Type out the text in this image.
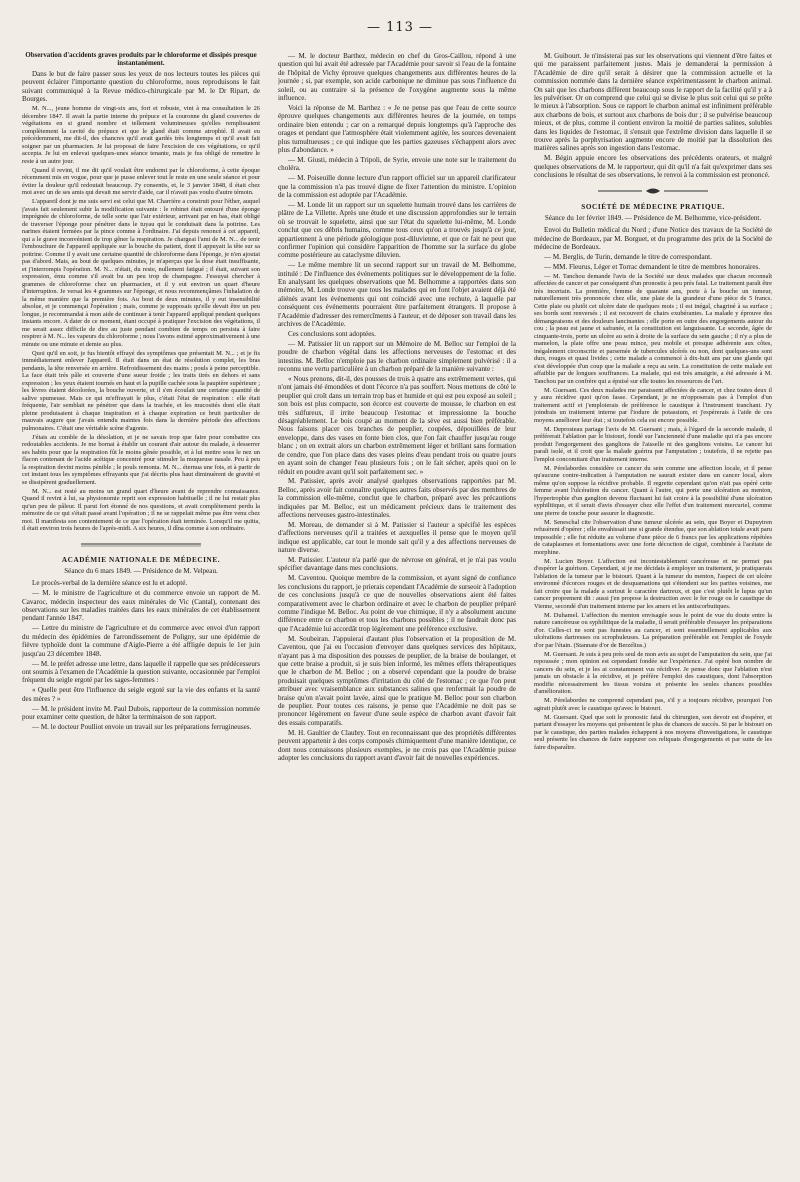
— 113 —

Observation d'accidents graves produits par le chloroforme et dissipés presque instantanément.

Dans le but de faire passer sous les yeux de nos lecteurs toutes les pièces qui peuvent éclairer l'importante question du chloroforme, nous reproduisons le fait suivant communiqué à la Revue médico-chirurgicale par M. le Dr Ripart, de Bourges.

M. N..., jeune homme de vingt-six ans, fort et robuste, vint à ma consultation le 26 décembre 1847. Il avait la partie interne du prépuce et la couronne du gland couvertes de végétations en si grand nombre et tellement volumineuses qu'elles remplissaient complètement la cavité du prépuce et que le gland était comme atrophié. Il avait eu précédemment, me dit-il, des chancres qu'il avait gardés très longtemps et qu'il avait fait soigner par un pharmacien. Je lui proposai de faire l'excision de ces végétations, ce qu'il accepta. Je lui en enlevai quelques-unes séance tenante, mais je fus obligé de remettre le reste à un autre jour.

Quand il revint, il me dit qu'il voulait être endormi par le chloroforme, à cette époque récemment mis en vogue, pour que je pusse enlever tout le reste en une seule séance et pour éviter la douleur qu'il redoutait beaucoup. J'y consentis, et, le 3 janvier 1848, il était chez moi avec un de ses amis qui devait me servir d'aide, car il n'avait pas voulu d'autre témoin.

L'appareil dont je me suis servi est celui que M. Charrière a construit pour l'éther, auquel j'avais fait seulement subir la modification suivante : le robinet était entouré d'une éponge imprégnée de chloroforme, de telle sorte que l'air extérieur, arrivant par en bas, était obligé de traverser l'éponge pour pénétrer dans le tuyau qui le conduisait dans la poitrine. Les narines étaient fermées par la pince comme à l'ordinaire. J'ai depuis renoncé à cet appareil, qui a le grave inconvénient de trop gêner la respiration. Je chargeai l'ami de M. N... de tenir l'embouchure de l'appareil appliquée sur la bouche du patient, dont il appuyait la tête sur sa poitrine. Comme il y avait une certaine quantité de chloroforme dans l'éponge, je n'en ajoutai pas d'abord. Mais, au bout de quelques minutes, je m'aperçus que la dose était insuffisante, et j'interrompis l'opération. M. N... n'était, du reste, nullement fatigué ; il était, suivant son expression, ému comme s'il avait bu un peu trop de champagne. J'essuyai chercher à grammes de chloroforme chez un pharmacien, et il y eut environ un quart d'heure d'interruption. Je versai les 4 grammes sur l'éponge, et nous recommençâmes l'inhalation de la même manière que la première fois. Au bout de deux minutes, il y eut insensibilité absolue, et je commençai l'opération ; mais, comme je supposais qu'elle devait être un peu longue, je recommandai à mon aide de continuer à tenir l'appareil appliqué pendant quelques instants encore. A dater de ce moment, étant occupé à pratiquer l'excision des végétations, il me serait assez difficile de dire au juste pendant combien de temps on persista à faire respirer à M. N... les vapeurs du chloroforme ; nous l'avons estimé approximativement à une minute ou une minute et demie au plus.

Quoi qu'il en soit, je fus bientôt effrayé des symptômes que présentait M. N... ; et je fis immédiatement enlever l'appareil. Il était dans un état de résolution complet, les bras pendants, la tête renversée en arrière. Refroidissement des mains ; pouls à peine perceptible. La face était très pâle et couverte d'une sueur froide ; les traits tirés en dehors et sans expression ; les yeux étaient tournés en haut et la pupille cachée sous la paupière supérieure ; les lèvres étaient décolorées, la bouche ouverte, et il s'en écoulait une certaine quantité de salive spumeuse. Mais ce qui m'effrayait le plus, c'était l'état de respiration : elle était fréquente, l'air semblait ne pénétrer que dans la trachée, et les mucosités dont elle était pleine produisaient à chaque inspiration et à chaque expiration ce bruit particulier de mauvais augure que j'avais entendu maintes fois dans la dernière période des affections pulmonaires. C'était une véritable scène d'agonie.

J'étais au comble de la désolation, et je ne savais trop que faire pour combattre ces redoutables accidents. Je me bornai à établir un courant d'air autour du malade, à desserrer ses habits pour que la respiration fût le moins gênée possible, et à lui mettre sous le nez un flacon contenant de l'acide acétique concentré pour stimuler la muqueuse nasale. Peu à peu la respiration devint moins pénible ; le pouls remonta. M. N... éternua une fois, et à partir de cet instant tous les symptômes effrayants que j'ai décrits plus haut diminuèrent de gravité et se dissipèrent graduellement.

M. N... est resté au moins un grand quart d'heure avant de reprendre connaissance. Quand il revint à lui, sa physionomie reprit son expression habituelle ; il ne lui restait plus qu'un peu de pâleur. Il parut fort étonné de nos questions, et avait complètement perdu la mémoire de ce qui s'était passé avant l'opération ; il ne se rappelait même pas être venu chez moi. Il manifesta son contentement de ce que l'opération était terminée. Lorsqu'il me quitta, il était environ trois heures de l'après-midi. A six heures, il dîna comme à son ordinaire.

ACADÉMIE NATIONALE DE MÉDECINE.

Séance du 6 mars 1849. — Présidence de M. Velpeau.

Le procès-verbal de la dernière séance est lu et adopté.

— M. le ministre de l'agriculture et du commerce envoie un rapport de M. Cavaroc, médecin inspecteur des eaux minérales de Vic (Cantal), contenant des observations sur les maladies traitées dans les eaux minérales de cet établissement pendant l'année 1847.

— Lettre du ministre de l'agriculture et du commerce avec envoi d'un rapport du médecin des épidémies de l'arrondissement de Poligny, sur une épidémie de fièvre typhoïde dont la commune d'Aigle-Pierre a été affligée depuis le 1er juin jusqu'au 23 décembre 1848.

— M. le préfet adresse une lettre, dans laquelle il rappelle que ses prédécesseurs ont soumis à l'examen de l'Académie la question suivante, occasionnée par l'emploi fréquent du seigle ergoté par les sages-femmes :

« Quelle peut être l'influence du seigle ergoté sur la vie des enfants et la santé des mères ? »

— M. le président invite M. Paul Dubois, rapporteur de la commission nommée pour examiner cette question, de hâter la terminaison de son rapport.

— M. le docteur Poulliot envoie un travail sur les préparations ferrugineuses.

— M. le docteur Barthez, médecin en chef du Gros-Caillou, répond à une question qui lui avait été adressée par l'Académie pour savoir si l'eau de la fontaine de l'hôpital de Vichy éprouve quelques changements aux différentes heures de la journée ; si, par exemple, son acide carbonique ne diminue pas sous l'influence du soleil, ou au contraire si la présence de l'oxygène augmente sous la même influence.

Voici la réponse de M. Barthez : « Je ne pense pas que l'eau de cette source éprouve quelques changements aux différentes heures de la journée, en temps ordinaire bien entendu ; car on a remarqué depuis longtemps qu'à l'approche des orages et pendant que l'atmosphère était violemment agitée, les sources devenaient plus tumultueuses ; ce qui indique que les parties gazeuses s'échappent alors avec plus d'abondance. »

— M. Giusti, médecin à Tripoli, de Syrie, envoie une note sur le traitement du choléra.

— M. Poiseuille donne lecture d'un rapport officiel sur un appareil clarificateur que la commission n'a pas trouvé digne de fixer l'attention du ministre. L'opinion de la commission est adoptée par l'Académie.

— M. Londe lit un rapport sur un squelette humain trouvé dans les carrières de plâtre de La Villette. Après une étude et une discussion approfondies sur le terrain où se trouvait le squelette, ainsi que sur l'état du squelette lui-même, M. Londe conclut que ces débris humains, comme tous ceux qu'on a trouvés jusqu'à ce jour, appartiennent à une période géologique post-diluvienne, et que ce fait ne peut que confirmer l'opinion qui considère l'apparition de l'homme sur la surface du globe comme postérieure au cataclysme diluvien.

— Le même membre lit un second rapport sur un travail de M. Belhomme, intitulé : De l'influence des événements politiques sur le développement de la folie. En analysant les quelques observations que M. Belhomme a rapportées dans son mémoire, M. Londe trouve que tous les malades qui en font l'objet avaient déjà été aliénés avant les événements qui ont coïncidé avec une rechute, à laquelle par conséquent ces événements pourraient être parfaitement étrangers. Il propose à l'Académie d'adresser des remercîments à l'auteur, et de déposer son travail dans les archives de l'Académie.

Ces conclusions sont adoptées.

— M. Patissier lit un rapport sur un Mémoire de M. Belloc sur l'emploi de la poudre de charbon végétal dans les affections nerveuses de l'estomac et des intestins. M. Belloc n'emploie pas le charbon ordinaire simplement pulvérisé : il a reconnu une vertu particulière à un charbon préparé de la manière suivante :

« Nous prenons, dit-il, des pousses de trois à quatre ans extrêmement vertes, qui n'ont jamais été émondées et dont l'écorce n'a pas souffert. Nous mettons de côté le peuplier qui croît dans un terrain trop bas et humide et qui est peu exposé au soleil ; son bois est plus compacte, son écorce est couverte de mousse, le charbon en est très sulfureux, il irrite beaucoup l'estomac et impressionne la bouche désagréablement. Le bois coupé au moment de la sève est aussi bien préférable. Nous faisons placer ces branches de peuplier, coupées, dépouillées de leur enveloppe, dans des vases en fonte bien clos, que l'on fait chauffer jusqu'au rouge blanc ; on en extrait alors un charbon extrêmement léger et brillant sans formation de cendre, que l'on place dans des vases pleins d'eau pendant trois ou quatre jours en ayant soin de changer l'eau plusieurs fois ; on le fait sécher, après quoi on le réduit en poudre avant qu'il soit parfaitement sec. »

M. Patissier, après avoir analysé quelques observations rapportées par M. Belloc, après avoir fait connaître quelques autres faits observés par des membres de la commission elle-même, conclut que le charbon, préparé avec les précautions indiquées par M. Belloc, est un médicament précieux dans le traitement des affections nerveuses gastro-intestinales.

M. Moreau, de demander si à M. Patissier si l'auteur a spécifié les espèces d'affections nerveuses qu'il a traitées et auxquelles il pense que le moyen qu'il indique est applicable, car tout le monde sait qu'il y a des affections nerveuses de nature diverse.

M. Patissier. L'auteur n'a parlé que de névrose en général, et je n'ai pas voulu spécifier davantage dans mes conclusions.

M. Caventou. Quoique membre de la commission, et ayant signé de confiance les conclusions du rapport, je prierais cependant l'Académie de surseoir à l'adoption de ces conclusions jusqu'à ce que de nouvelles observations aient été faites comparativement avec le charbon ordinaire et avec le charbon de peuplier préparé comme l'indique M. Belloc. Au point de vue chimique, il n'y a absolument aucune différence entre ce charbon et tous les charbons possibles ; il ne faudrait donc pas que l'Académie lui accordât trop légèrement une préférence exclusive.

M. Soubeiran. J'appuierai d'autant plus l'observation et la proposition de M. Caventou, que j'ai eu l'occasion d'envoyer dans quelques services des hôpitaux, n'ayant pas à ma disposition des pousses de peuplier, de la braise de boulanger, et que cette braise a produit, si je suis bien informé, les mêmes effets thérapeutiques que le charbon de M. Belloc ; on a observé cependant que la poudre de braise produisait quelques symptômes d'irritation du côté de l'estomac ; ce que l'on peut attribuer avec vraisemblance aux substances salines que renfermait la poudre de braise qu'on n'avait point lavée, ainsi que le pratique M. Belloc pour son charbon de peuplier. Pour toutes ces raisons, je pense que l'Académie ne doit pas se prononcer légèrement en faveur d'une seule espèce de charbon avant d'avoir fait des essais comparatifs.

M. H. Gaultier de Claubry. Tout en reconnaissant que des propriétés différentes peuvent appartenir à des corps composés chimiquement d'une manière identique, ce dont nous connaissons plusieurs exemples, je ne crois pas que l'Académie puisse adopter les conclusions du rapport avant d'avoir fait de nouvelles expériences.

M. Guibourt. Je n'insisterai pas sur les observations qui viennent d'être faites et qui me paraissent parfaitement justes. Mais je demanderai la permission à l'Académie de dire qu'il serait à désirer que la commission actuelle et la commission nommée dans la dernière séance expérimentassent le charbon animal. On sait que les charbons diffèrent beaucoup sous le rapport de la facilité qu'il y a à les pulvériser. Or on comprend que celui qui se divise le plus soit celui qui se prête le mieux à l'absorption. Sous ce rapport le charbon animal est infiniment préférable aux charbons de bois, et surtout aux charbons de bois dur ; il se pulvérise beaucoup mieux, et de plus, comme il contient environ la moitié de parties salines, solubles dans les liquides de l'estomac, il s'ensuit que l'extrême division dans laquelle il se trouve après la porphyrisation augmente encore de moitié par la dissolution des matières salines après son ingestion dans l'estomac.

M. Bégin appuie encore les observations des précédents orateurs, et malgré quelques observations de M. le rapporteur, qui dit qu'il n'a fait qu'exprimer dans ses conclusions le résultat de ses observations, le renvoi à la commission est prononcé.

SOCIÉTÉ DE MÉDECINE PRATIQUE.

Séance du 1er février 1849. — Présidence de M. Belhomme, vice-président.

Envoi du Bulletin médical du Nord ; d'une Notice des travaux de la Société de médecine de Bordeaux, par M. Borguet, et du programme des prix de la Société de médecine de Bordeaux.

— M. Berglis, de Turin, demande le titre de correspondant.

— MM. Fleurus, Léger et Torrac demandent le titre de membres honoraires.

— M. Tanchou demande l'avis de la Société sur deux malades que chacun reconnaît affectées de cancer et par conséquent d'un pronostic à peu près fatal. Le traitement paraît être très incertain. La première, femme de quarante ans, porte à la bouche un tumeur, naturellement très prononcée chez elle, une plaie de la grandeur d'une pièce de 5 francs. Cette plaie ou plutôt cet ulcère date de quelques mois ; il est inégal, chagriné à sa surface ; ses bords sont renversés ; il est recouvert de chairs exubérantes. La malade y éprouve des démangeaisons et des douleurs lancinantes ; elle porte en outre des engorgements autour du cou ; la peau est jaune et safranée, et la constitution est languissante. Le seconde, âgée de cinquante-trois, porte un ulcère au sein à droite de la surface du sein gauche ; il n'y a plus de mamelon, la plaie offre une peau mince, peu mobile et presque adhérente aux côtes, inégalement circonscrite et parsemée de tubercules ulcérés ou non, dont quelques-uns sont durs, rouges et quasi livides ; cette malade a commencé à dix-huit ans par une glande qui s'est développée d'un coup que la malade a reçu au sein. La constitution de cette malade est affaiblie par de longues souffrances. La malade, qui est très amaigrie, a été adressée à M. Tanchou par un confrère qui a épuisé sur elle toutes les ressources de l'art.

M. Guersant. Ces deux malades me paraissent affectées de cancer, et chez toutes deux il y aura récidive quoi qu'on fasse. Cependant, je ne m'opposerais pas à l'emploi d'un traitement actif et j'emploierais de préférence le caustique à l'instrument tranchant. J'y joindrais un traitement interne par l'iodure de potassium, et j'espérerais à l'aide de ces moyens améliorer leur état ; si toutefois cela est encore possible.

M. Deprosteau partage l'avis de M. Guersant ; mais, à l'égard de la seconde malade, il préférerait l'ablation par le bistouri, fondé sur l'ancienneté d'une maladie qui n'a pas encore produit l'engorgement des ganglions de l'aisselle ni des ganglions voisins. Le cancer lui paraît isolé, et il croit que la malade guérira par l'amputation ; toutefois, il ne rejette pas l'emploi concomitant d'un traitement interne.

M. Pérelabordes considère ce cancer du sein comme une affection locale, et il pense qu'aucune contre-indication à l'amputation ne saurait exister dans un cancer local, alors même qu'on suppose la récidive probable. Il regrette cependant qu'on n'ait pas opéré cette femme avant l'ulcération du cancer. Quant à l'autre, qui porte une ulcération au menton, l'hypertrophie d'un ganglion devenu fluctuant lui fait croire à la possibilité d'une ulcération syphilitique, et il serait d'avis d'essayer chez elle l'effet d'un traitement mercuriel, comme une pierre de touche pour assurer le diagnostic.

M. Seneschal cite l'observation d'une tumeur ulcérée au sein, que Boyer et Dupuytren refusèrent d'opérer ; elle envahissait une si grande étendue, que son ablation totale avait paru impossible ; elle fut réduite au volume d'une pièce de 6 francs par les applications répétées de cataplasmes et fomentations avec une forte décoction de ciguë, combinée à l'acétate de morphine.

M. Lucien Boyer. L'affection est incontestablement cancéreuse et ne permet pas d'espérer la guérison. Cependant, si je me décidais à employer un traitement, je pratiquerais l'ablation de la tumeur par le bistouri. Quant à la tumeur du menton, l'aspect de cet ulcère environné d'écorces rouges et de desquamations qui s'étendent sur les parties voisines, me fait croire que la malade a surtout le caractère dartreux, et que c'est plutôt le lupus qu'un cancer proprement dit : aussi j'en propose la destruction avec le fer rouge ou le caustique de Vienne, secondé d'un traitement interne par les amers et les antiscorbutiques.

M. Duhamel. L'affection du menton envisagée sous le point de vue du doute entre la nature cancéreuse ou syphilitique de la maladie, il serait préférable d'essayer les préparations d'or. Celles-ci ne sont pas funestes au cancer, et sont essentiellement applicables aux ulcérations dartreuses ou scrophuleuses. La préparation préférable est l'emploi de l'oxyde d'or par l'étain. (Stannate d'or de Berzélius.)

M. Guersant. Je suis à peu près seul de mon avis au sujet de l'amputation du sein, que j'ai repoussée ; mon opinion est cependant fondée sur l'expérience. J'ai opéré bon nombre de cancers du sein, et je les ai constamment vus récidiver. Je pense donc que l'ablation n'est jamais un obstacle à la récidive, et je préfère l'emploi des caustiques, dont l'absorption modifie nécessairement les tissus voisins et présente les seules chances possibles d'amélioration.

M. Pérelabordes ne comprend cependant pas, s'il y a toujours récidive, pourquoi l'on agirait plutôt avec le caustique qu'avec le bistouri.

M. Guersant. Quel que soit le pronostic fatal du chirurgien, son devoir est d'espérer, et partant d'essayer les moyens qui présentent le plus de chances de succès. Si par le bistouri on par le caustique, des parties malades échappent à nos moyens d'investigations, le caustique seul présente les chances de faire suppurer ces reliquats d'engorgements et par suite de les faire disparaître.
